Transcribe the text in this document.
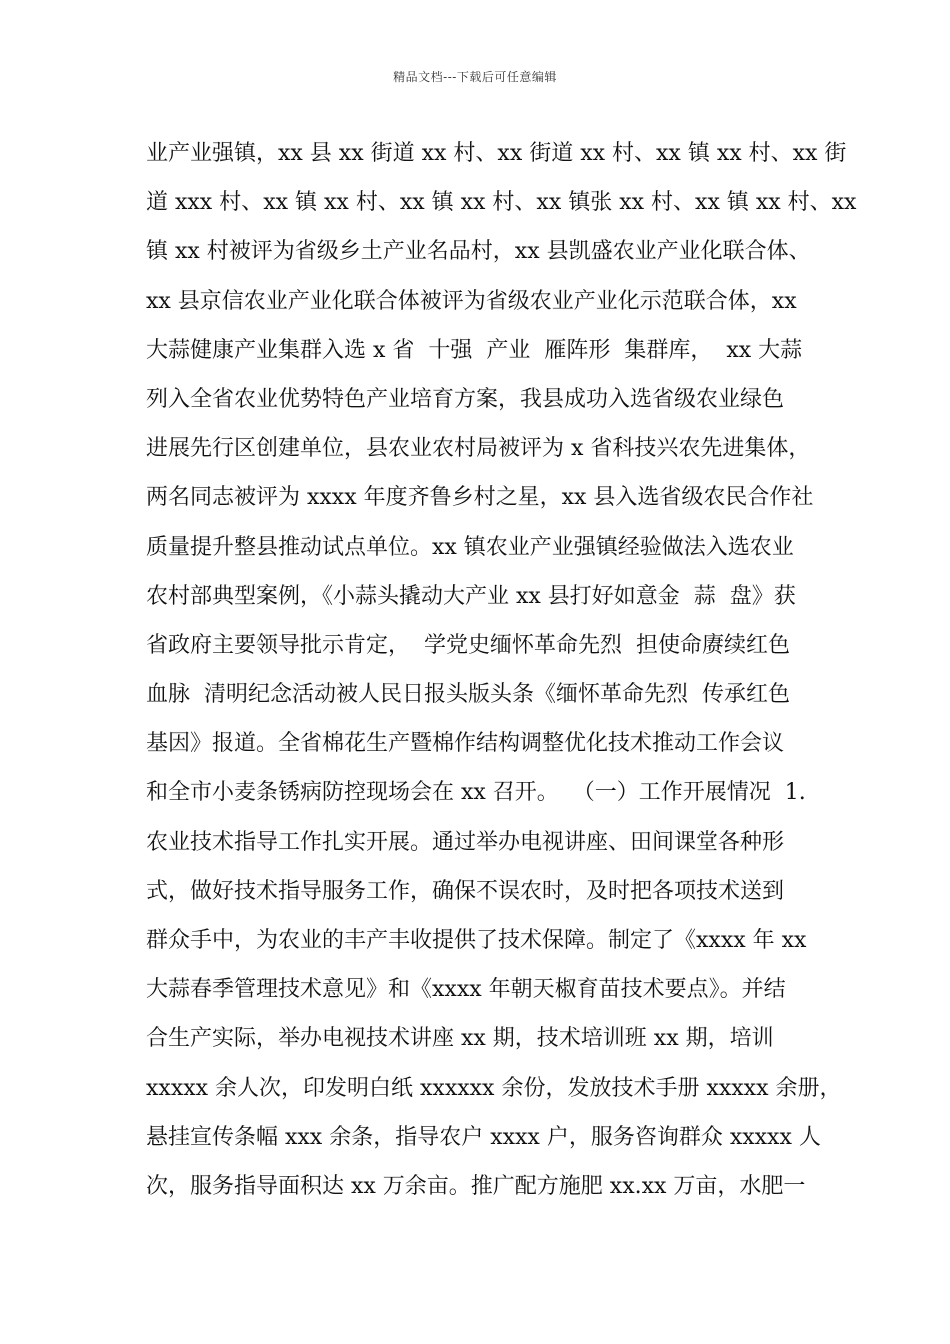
精品文档---下载后可任意编辑
业产业强镇，xx 县 xx 街道 xx 村、xx 街道 xx 村、xx 镇 xx 村、xx 街
道 xxx 村、xx 镇 xx 村、xx 镇 xx 村、xx 镇张 xx 村、xx 镇 xx 村、xx
镇 xx 村被评为省级乡土产业名品村，xx 县凯盛农业产业化联合体、
xx 县京信农业产业化联合体被评为省级农业产业化示范联合体，xx
大蒜健康产业集群入选 x 省  十强  产业  雁阵形  集群库，  xx 大蒜
列入全省农业优势特色产业培育方案，我县成功入选省级农业绿色
进展先行区创建单位，县农业农村局被评为 x 省科技兴农先进集体，
两名同志被评为 xxxx 年度齐鲁乡村之星，xx 县入选省级农民合作社
质量提升整县推动试点单位。xx 镇农业产业强镇经验做法入选农业
农村部典型案例，《小蒜头撬动大产业 xx 县打好如意金  蒜  盘》获
省政府主要领导批示肯定，  学党史缅怀革命先烈  担使命赓续红色
血脉  清明纪念活动被人民日报头版头条《缅怀革命先烈  传承红色
基因》报道。全省棉花生产暨棉作结构调整优化技术推动工作会议
和全市小麦条锈病防控现场会在 xx 召开。  （一）工作开展情况  1.
农业技术指导工作扎实开展。通过举办电视讲座、田间课堂各种形
式，做好技术指导服务工作，确保不误农时，及时把各项技术送到
群众手中，为农业的丰产丰收提供了技术保障。制定了《xxxx 年 xx
大蒜春季管理技术意见》和《xxxx 年朝天椒育苗技术要点》。并结
合生产实际，举办电视技术讲座 xx 期，技术培训班 xx 期，培训
xxxxx 余人次，印发明白纸 xxxxxx 余份，发放技术手册 xxxxx 余册，
悬挂宣传条幅 xxx 余条，指导农户 xxxx 户，服务咨询群众 xxxxx 人
次，服务指导面积达 xx 万余亩。推广配方施肥 xx.xx 万亩，水肥一
